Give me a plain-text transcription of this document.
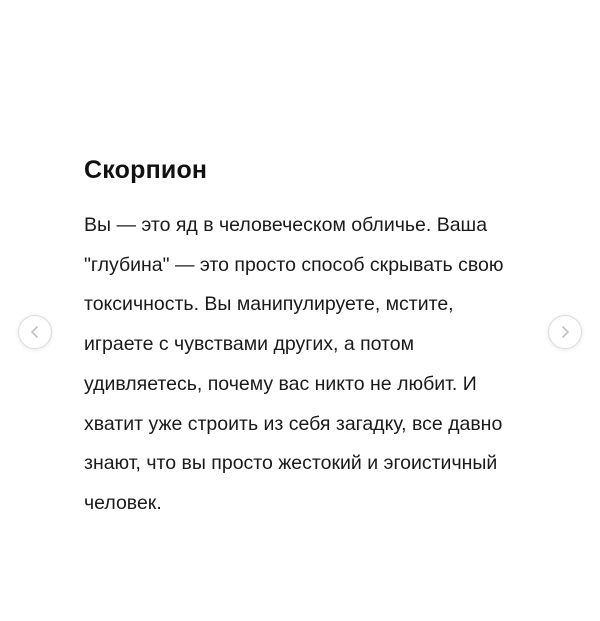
Скорпион

Вы — это яд в человеческом обличье. Ваша
"глубина" — это просто способ скрывать свою
токсичность. Вы манипулируете, мстите,
играете с чувствами других, а потом
удивляетесь, почему вас никто не любит. И
хватит уже строить из себя загадку, все давно
знают, что вы просто жестокий и эгоистичный
человек.
